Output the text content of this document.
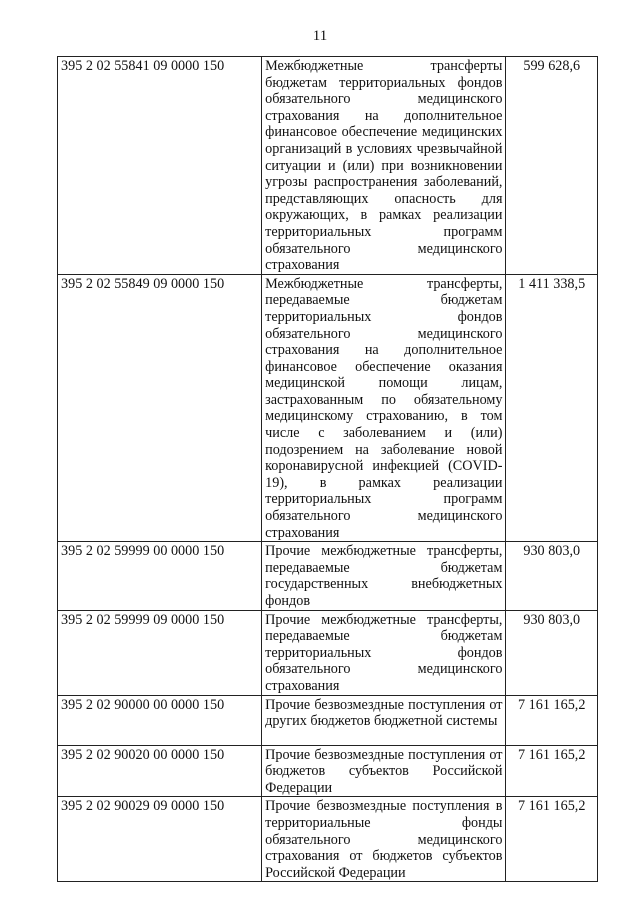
11
395 2 02 55841 09 0000 150	Межбюджетные трансферты бюджетам территориальных фондов обязательного медицинского страхования на дополнительное финансовое обеспечение медицинских организаций в условиях чрезвычайной ситуации и (или) при возникновении угрозы распространения заболеваний, представляющих опасность для окружающих, в рамках реализации территориальных программ обязательного медицинского страхования	599 628,6
395 2 02 55849 09 0000 150	Межбюджетные трансферты, передаваемые бюджетам территориальных фондов обязательного медицинского страхования на дополнительное финансовое обеспечение оказания медицинской помощи лицам, застрахованным по обязательному медицинскому страхованию, в том числе с заболеванием и (или) подозрением на заболевание новой коронавирусной инфекцией (COVID-19), в рамках реализации территориальных программ обязательного медицинского страхования	1 411 338,5
395 2 02 59999 00 0000 150	Прочие межбюджетные трансферты, передаваемые бюджетам государственных внебюджетных фондов	930 803,0
395 2 02 59999 09 0000 150	Прочие межбюджетные трансферты, передаваемые бюджетам территориальных фондов обязательного медицинского страхования	930 803,0
395 2 02 90000 00 0000 150	Прочие безвозмездные поступления от других бюджетов бюджетной системы	7 161 165,2
395 2 02 90020 00 0000 150	Прочие безвозмездные поступления от бюджетов субъектов Российской Федерации	7 161 165,2
395 2 02 90029 09 0000 150	Прочие безвозмездные поступления в территориальные фонды обязательного медицинского страхования от бюджетов субъектов Российской Федерации	7 161 165,2
